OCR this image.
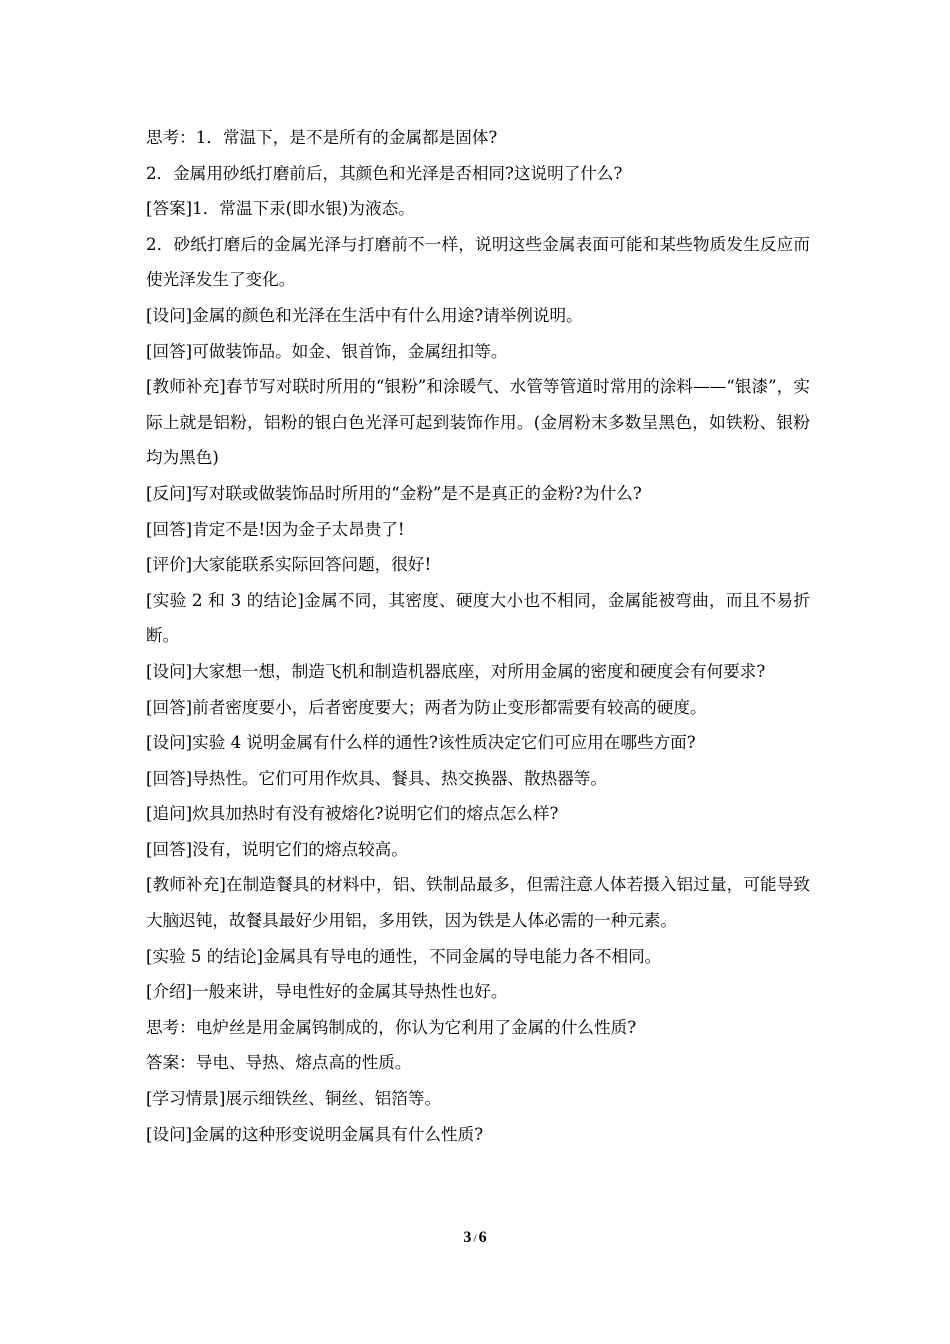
思考：1．常温下，是不是所有的金属都是固体?

2．金属用砂纸打磨前后，其颜色和光泽是否相同?这说明了什么?

[答案]1．常温下汞(即水银)为液态。

2．砂纸打磨后的金属光泽与打磨前不一样，说明这些金属表面可能和某些物质发生反应而使光泽发生了变化。

[设问]金属的颜色和光泽在生活中有什么用途?请举例说明。

[回答]可做装饰品。如金、银首饰，金属纽扣等。

[教师补充]春节写对联时所用的“银粉”和涂暖气、水管等管道时常用的涂料——“银漆”，实际上就是铝粉，铝粉的银白色光泽可起到装饰作用。(金屑粉末多数呈黑色，如铁粉、银粉均为黑色)

[反问]写对联或做装饰品时所用的“金粉”是不是真正的金粉?为什么?

[回答]肯定不是!因为金子太昂贵了!

[评价]大家能联系实际回答问题，很好!

[实验 2 和 3 的结论]金属不同，其密度、硬度大小也不相同，金属能被弯曲，而且不易折断。

[设问]大家想一想，制造飞机和制造机器底座，对所用金属的密度和硬度会有何要求?

[回答]前者密度要小，后者密度要大；两者为防止变形都需要有较高的硬度。

[设问]实验 4 说明金属有什么样的通性?该性质决定它们可应用在哪些方面?

[回答]导热性。它们可用作炊具、餐具、热交换器、散热器等。

[追问]炊具加热时有没有被熔化?说明它们的熔点怎么样?

[回答]没有，说明它们的熔点较高。

[教师补充]在制造餐具的材料中，铝、铁制品最多，但需注意人体若摄入铝过量，可能导致大脑迟钝，故餐具最好少用铝，多用铁，因为铁是人体必需的一种元素。

[实验 5 的结论]金属具有导电的通性，不同金属的导电能力各不相同。

[介绍]一般来讲，导电性好的金属其导热性也好。

思考：电炉丝是用金属钨制成的，你认为它利用了金属的什么性质?

答案：导电、导热、熔点高的性质。

[学习情景]展示细铁丝、铜丝、铝箔等。

[设问]金属的这种形变说明金属具有什么性质?

3 / 6
